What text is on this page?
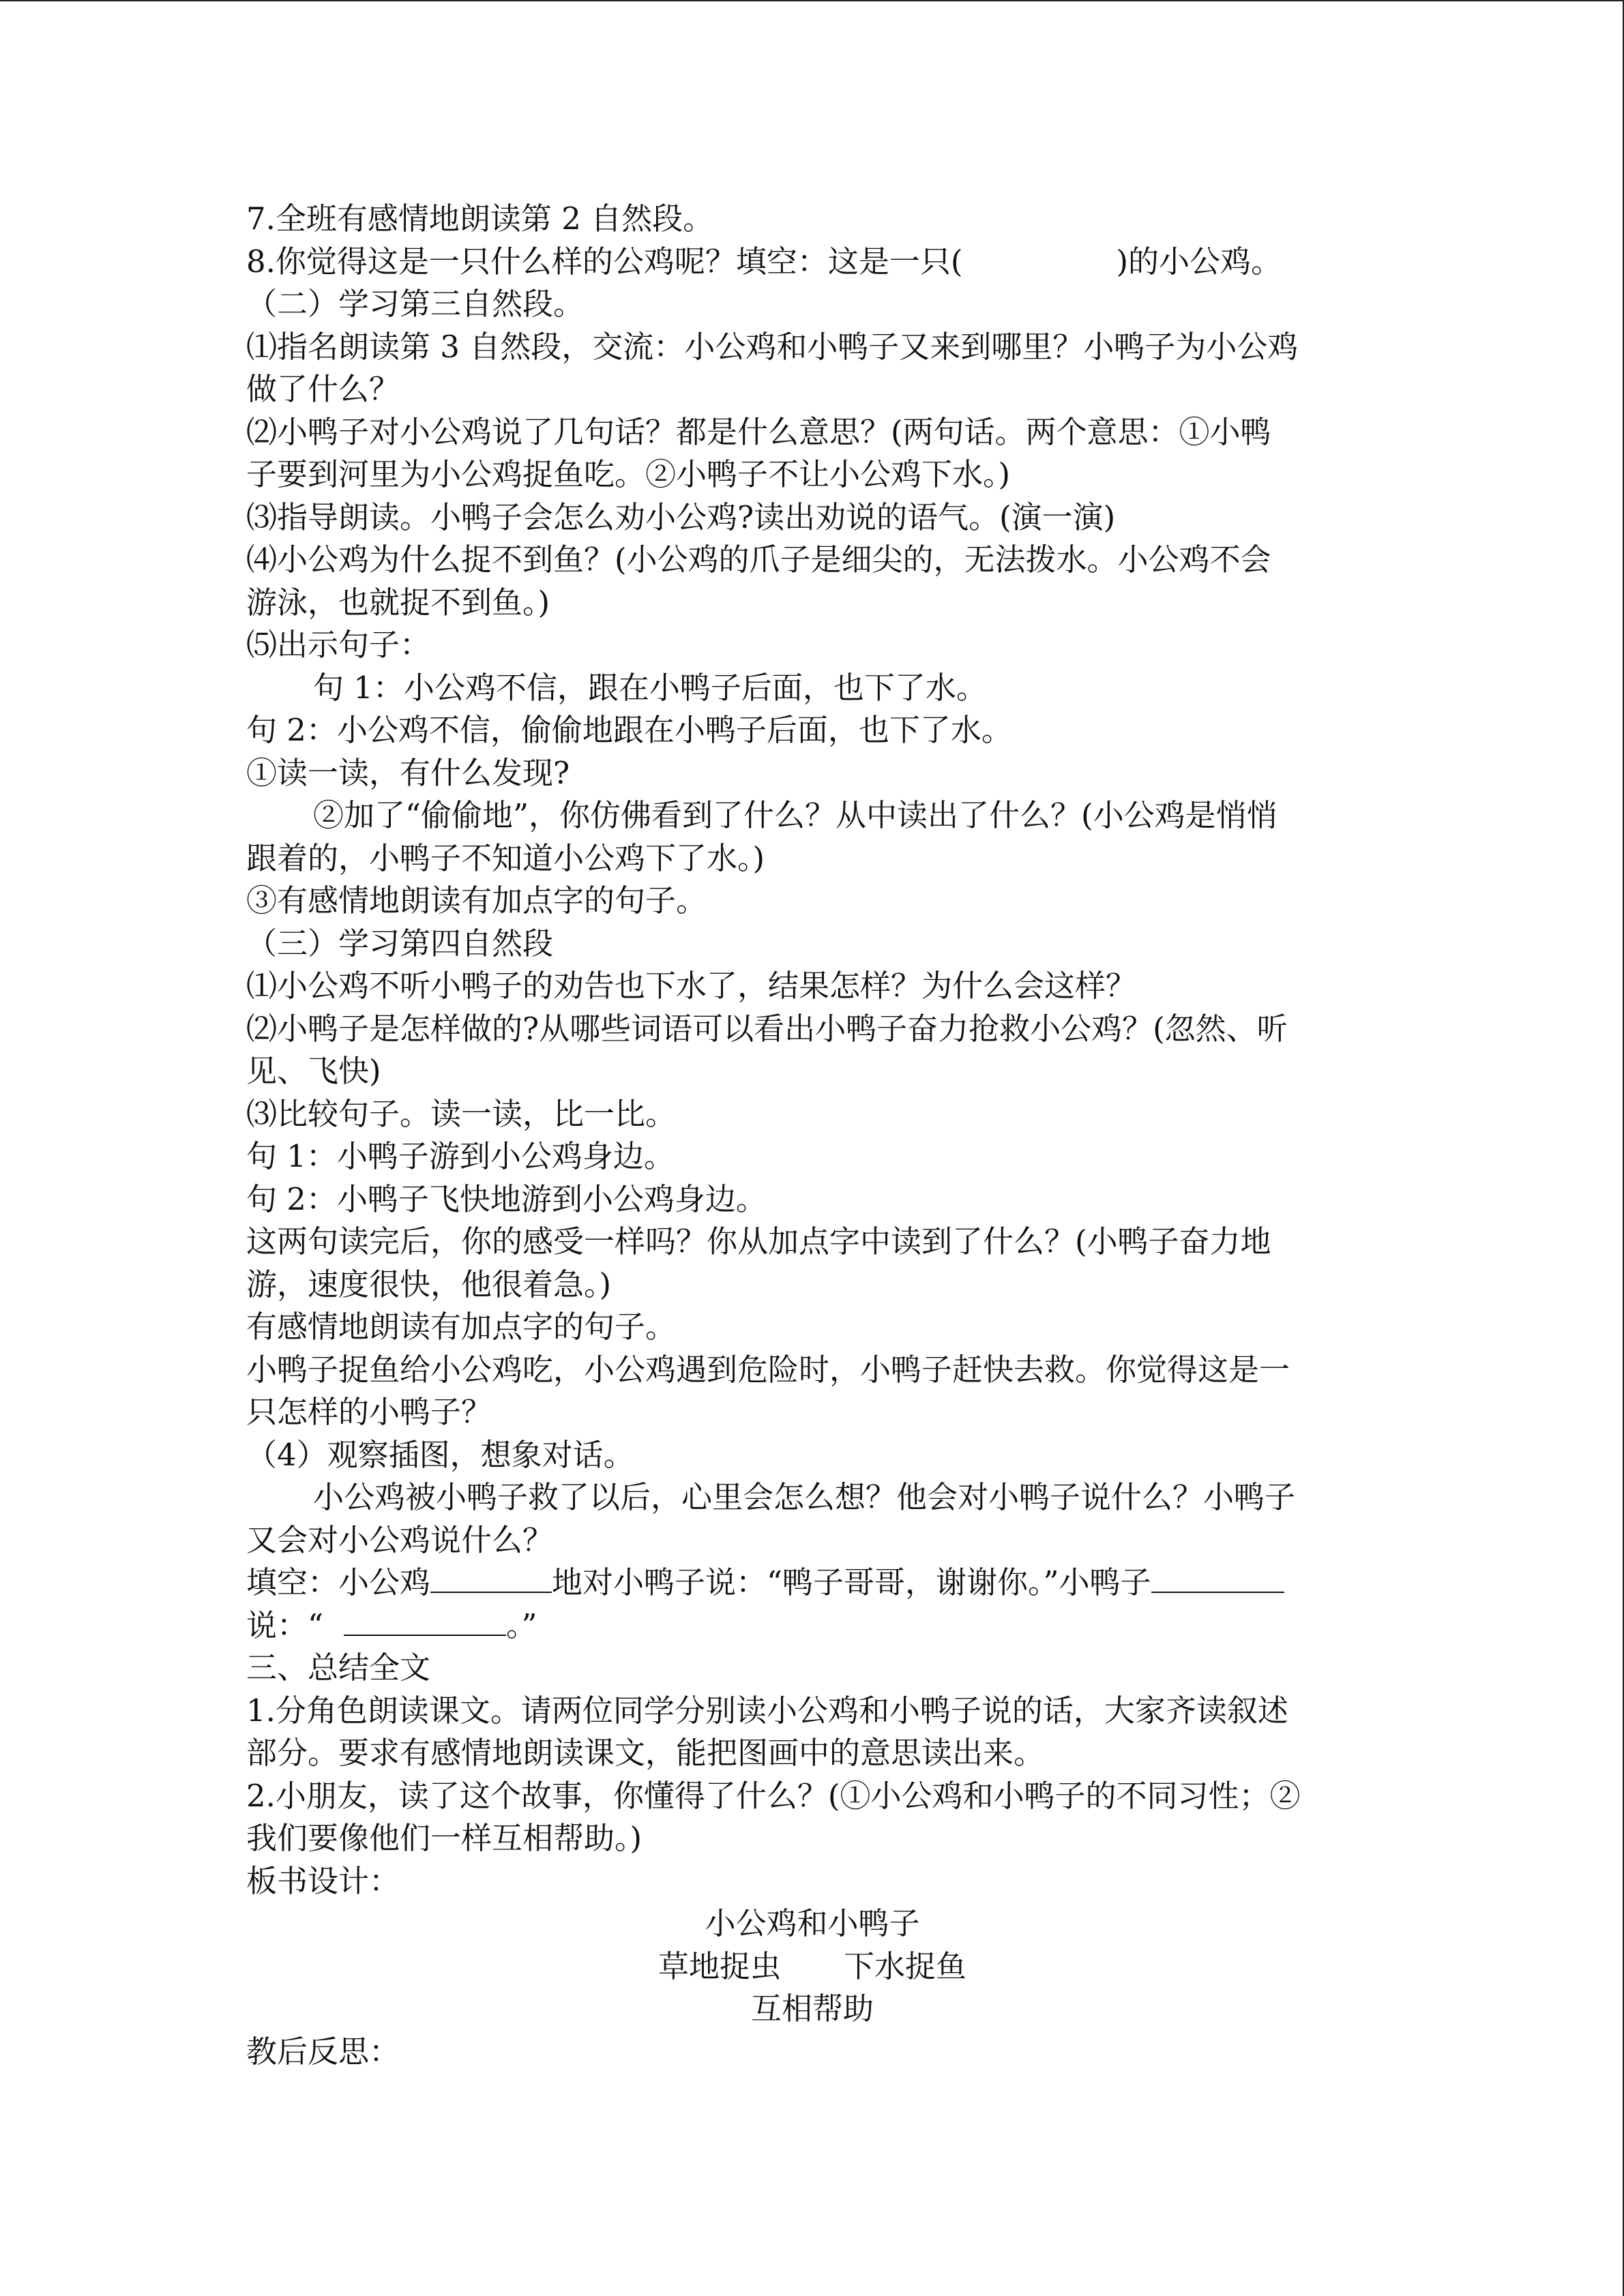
7.全班有感情地朗读第 2 自然段。
8.你觉得这是一只什么样的公鸡呢？填空：这是一只(　　　　　)的小公鸡。
（二）学习第三自然段。
⑴指名朗读第 3 自然段，交流：小公鸡和小鸭子又来到哪里？小鸭子为小公鸡
做了什么？
⑵小鸭子对小公鸡说了几句话？都是什么意思？(两句话。两个意思：①小鸭
子要到河里为小公鸡捉鱼吃。②小鸭子不让小公鸡下水。)
⑶指导朗读。小鸭子会怎么劝小公鸡?读出劝说的语气。(演一演)
⑷小公鸡为什么捉不到鱼？(小公鸡的爪子是细尖的，无法拨水。小公鸡不会
游泳，也就捉不到鱼。)
⑸出示句子：
句 1：小公鸡不信，跟在小鸭子后面，也下了水。
句 2：小公鸡不信，偷偷地跟在小鸭子后面，也下了水。
①读一读，有什么发现?
②加了“偷偷地”，你仿佛看到了什么？从中读出了什么？(小公鸡是悄悄
跟着的，小鸭子不知道小公鸡下了水。)
③有感情地朗读有加点字的句子。
（三）学习第四自然段
⑴小公鸡不听小鸭子的劝告也下水了，结果怎样？为什么会这样？
⑵小鸭子是怎样做的?从哪些词语可以看出小鸭子奋力抢救小公鸡？(忽然、听
见、飞快)
⑶比较句子。读一读，比一比。
句 1：小鸭子游到小公鸡身边。
句 2：小鸭子飞快地游到小公鸡身边。
这两句读完后，你的感受一样吗？你从加点字中读到了什么？(小鸭子奋力地
游，速度很快，他很着急。)
有感情地朗读有加点字的句子。
小鸭子捉鱼给小公鸡吃，小公鸡遇到危险时，小鸭子赶快去救。你觉得这是一
只怎样的小鸭子？
（4）观察插图，想象对话。
小公鸡被小鸭子救了以后，心里会怎么想？他会对小鸭子说什么？小鸭子
又会对小公鸡说什么？
填空：小公鸡	地对小鸭子说：“鸭子哥哥，谢谢你。”小鸭子
说：“	。”
三、总结全文
1.分角色朗读课文。请两位同学分别读小公鸡和小鸭子说的话，大家齐读叙述
部分。要求有感情地朗读课文，能把图画中的意思读出来。
2.小朋友，读了这个故事，你懂得了什么？(①小公鸡和小鸭子的不同习性；②
我们要像他们一样互相帮助。)
板书设计：
小公鸡和小鸭子
草地捉虫 下水捉鱼
互相帮助
教后反思：
